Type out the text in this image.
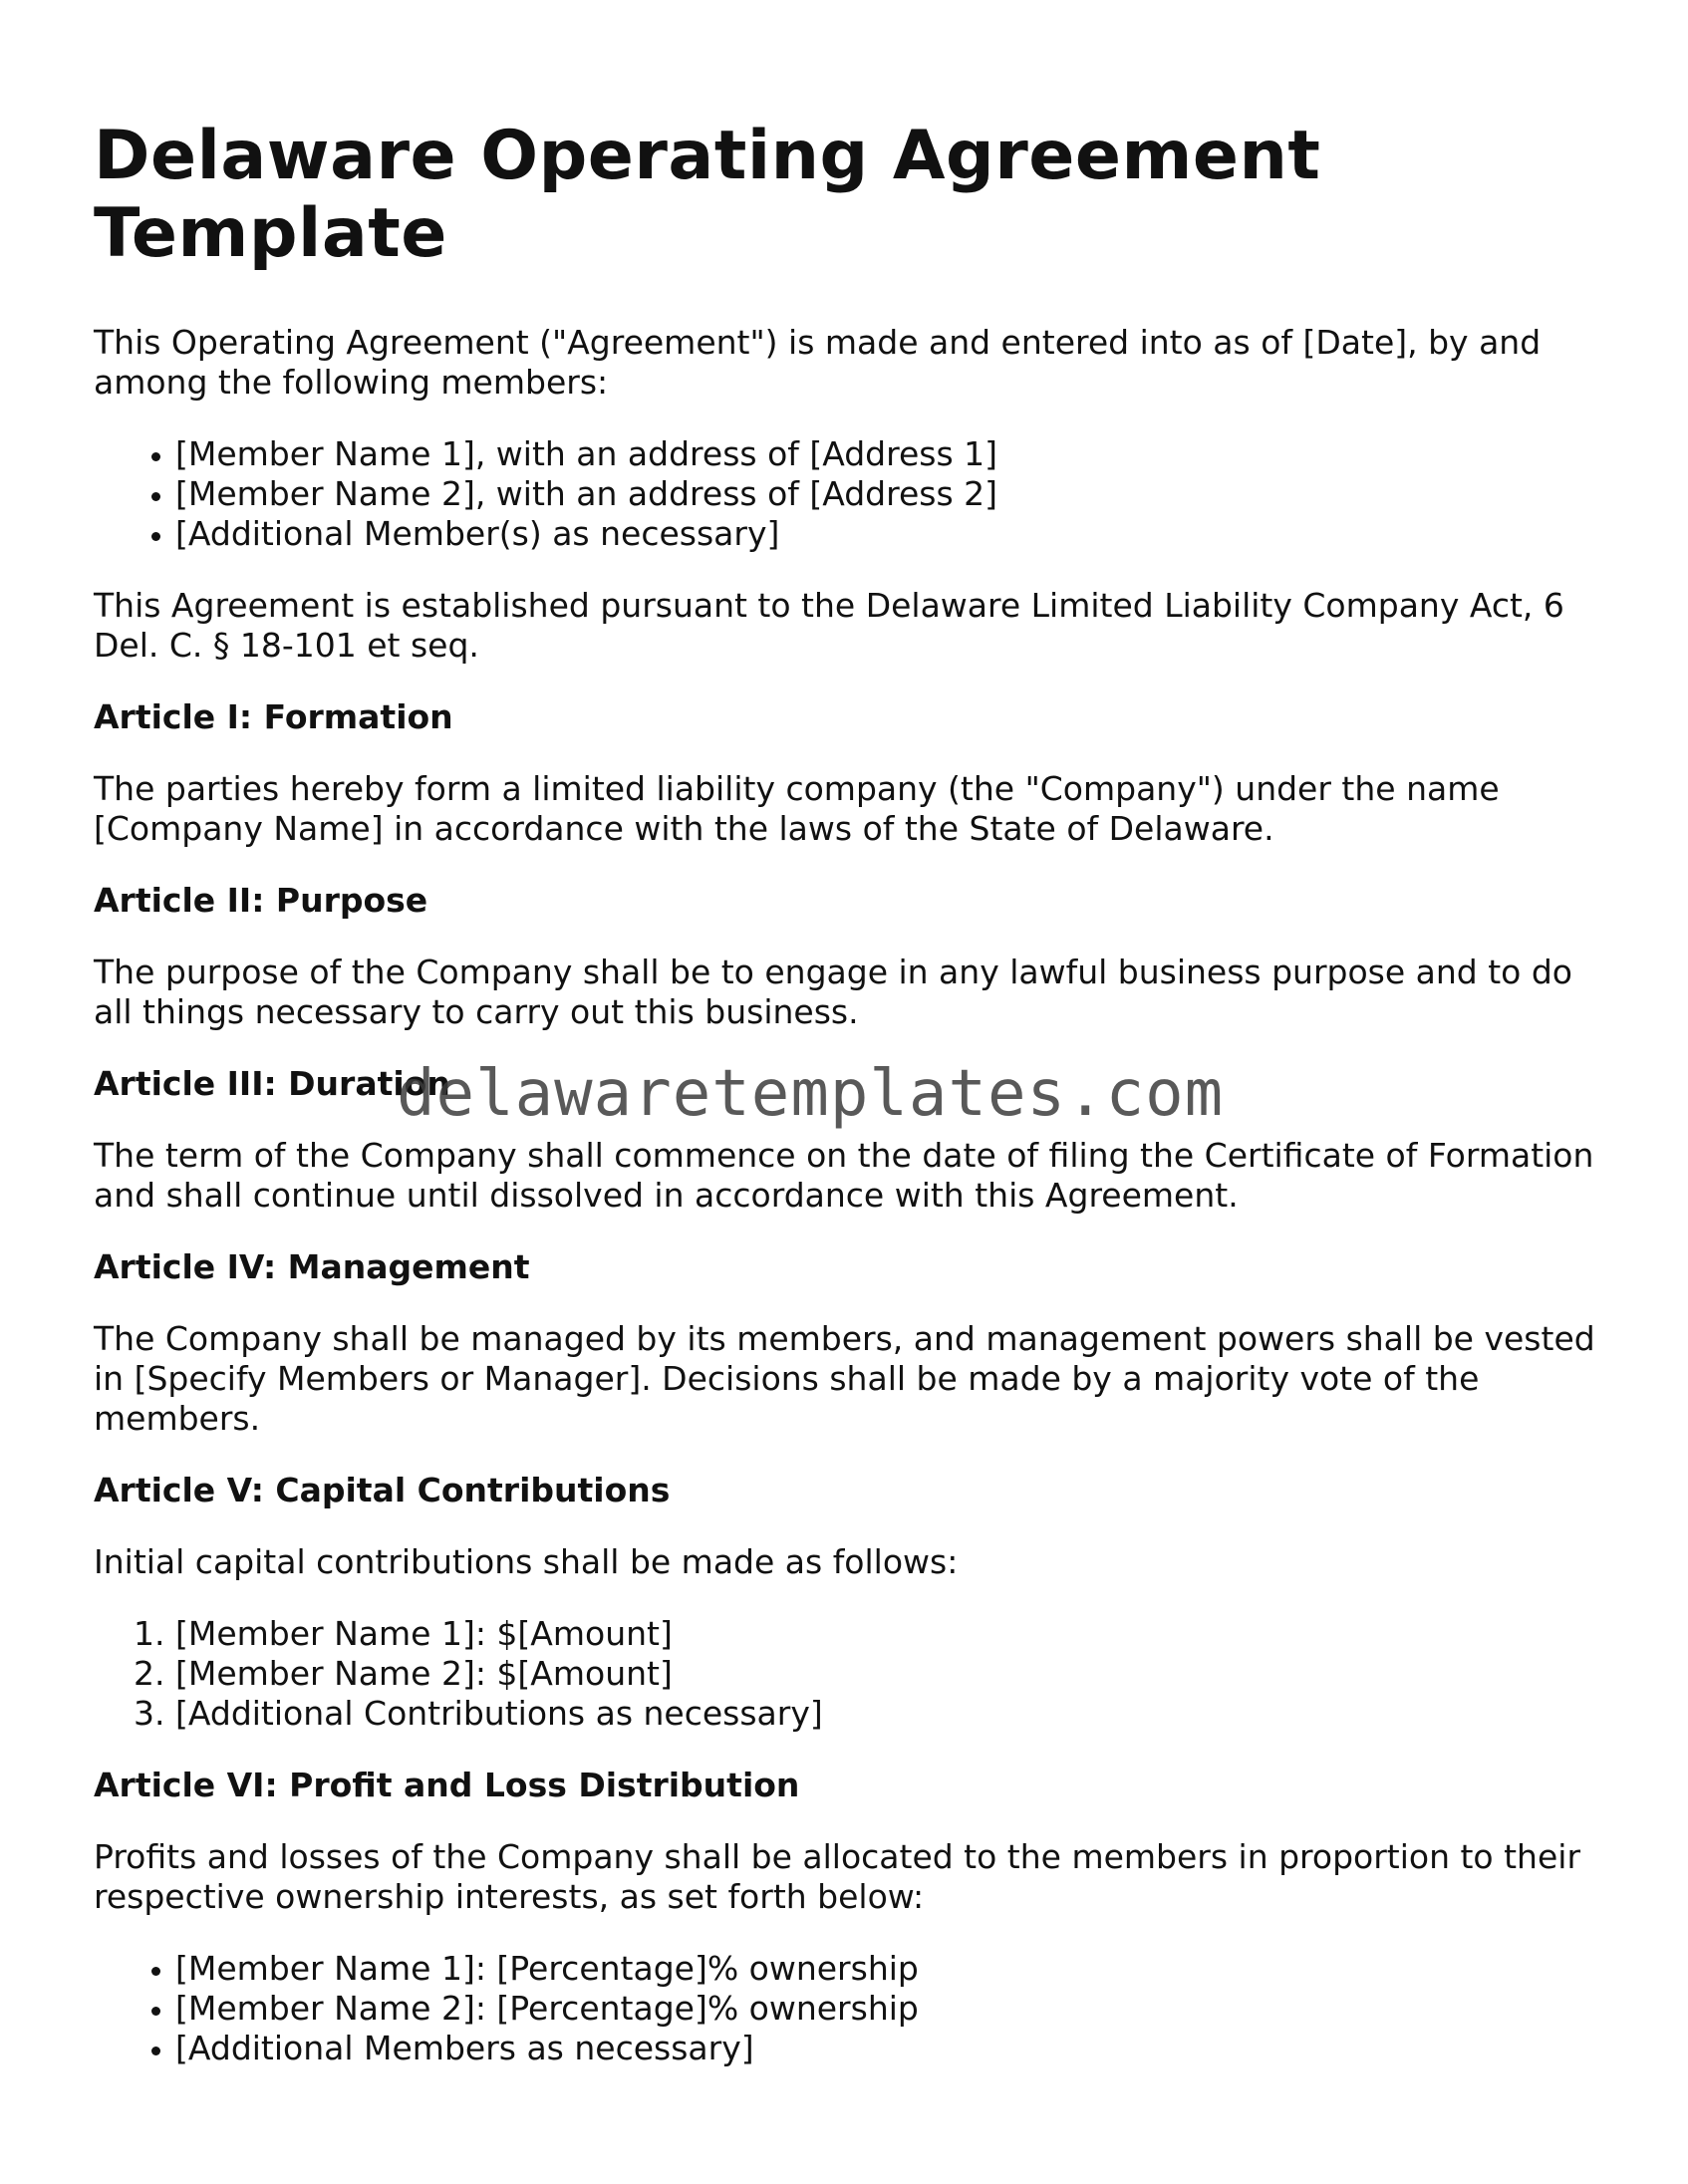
Delaware Operating Agreement Template

This Operating Agreement ("Agreement") is made and entered into as of [Date], by and among the following members:

• [Member Name 1], with an address of [Address 1]
• [Member Name 2], with an address of [Address 2]
• [Additional Member(s) as necessary]

This Agreement is established pursuant to the Delaware Limited Liability Company Act, 6 Del. C. § 18-101 et seq.

Article I: Formation

The parties hereby form a limited liability company (the "Company") under the name [Company Name] in accordance with the laws of the State of Delaware.

Article II: Purpose

The purpose of the Company shall be to engage in any lawful business purpose and to do all things necessary to carry out this business.

Article III: Duration

The term of the Company shall commence on the date of filing the Certificate of Formation and shall continue until dissolved in accordance with this Agreement.

Article IV: Management

The Company shall be managed by its members, and management powers shall be vested in [Specify Members or Manager]. Decisions shall be made by a majority vote of the members.

Article V: Capital Contributions

Initial capital contributions shall be made as follows:

1. [Member Name 1]: $[Amount]
2. [Member Name 2]: $[Amount]
3. [Additional Contributions as necessary]
Article VI: Profit and Loss Distribution

Profits and losses of the Company shall be allocated to the members in proportion to their respective ownership interests, as set forth below:

• [Member Name 1]: [Percentage]% ownership
• [Member Name 2]: [Percentage]% ownership
• [Additional Members as necessary]
delawaretemplates.com
